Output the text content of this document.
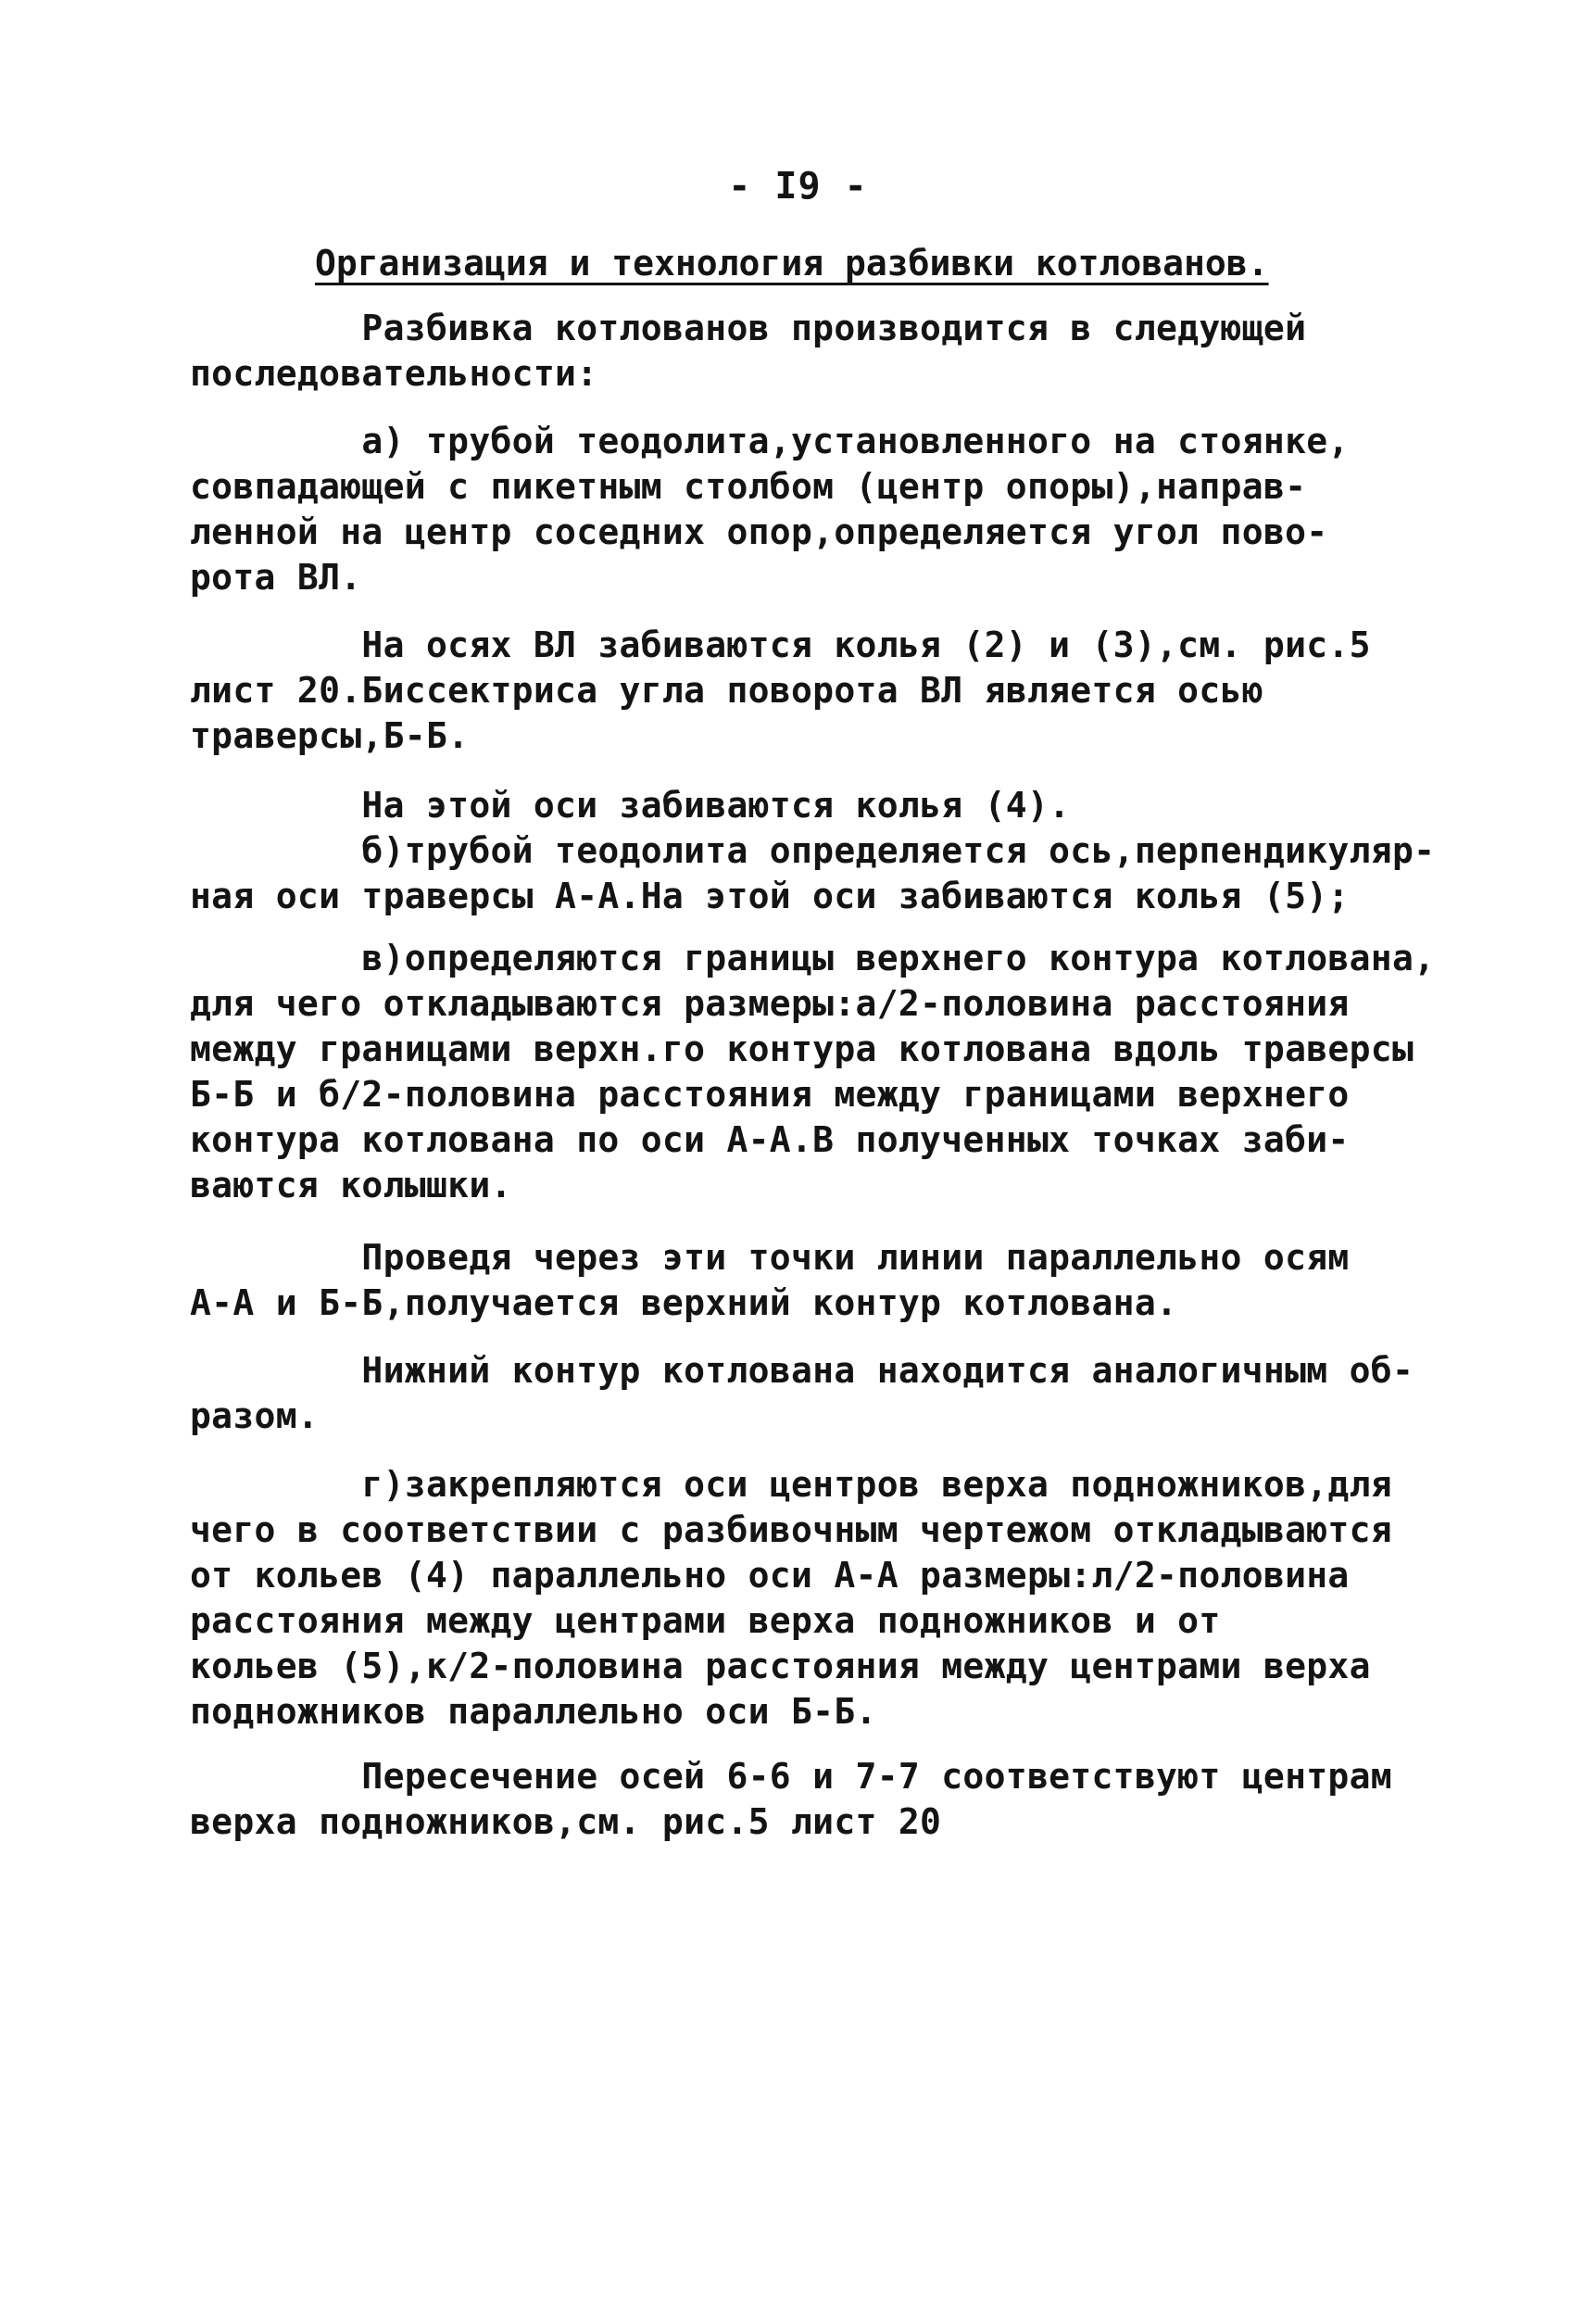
- I9 -
Организация и технология разбивки котлованов.
Разбивка котлованов производится в следующей
последовательности:
а) трубой теодолита,установленного на стоянке,
совпадающей с пикетным столбом (центр опоры),направ-
ленной на центр соседних опор,определяется угол пово-
рота ВЛ.
На осях ВЛ забиваются колья (2) и (3),см. рис.5
лист 20.Биссектриса угла поворота ВЛ является осью
траверсы,Б-Б.
На этой оси забиваются колья (4).
б)трубой теодолита определяется ось,перпендикуляр-
ная оси траверсы А-А.На этой оси забиваются колья (5);
в)определяются границы верхнего контура котлована,
для чего откладываются размеры:а/2-половина расстояния
между границами верхн.го контура котлована вдоль траверсы
Б-Б и б/2-половина расстояния между границами верхнего
контура котлована по оси А-А.В полученных точках заби-
ваются колышки.
Проведя через эти точки линии параллельно осям
А-А и Б-Б,получается верхний контур котлована.
Нижний контур котлована находится аналогичным об-
разом.
г)закрепляются оси центров верха подножников,для
чего в соответствии с разбивочным чертежом откладываются
от кольев (4) параллельно оси А-А размеры:л/2-половина
расстояния между центрами верха подножников и от
кольев (5),к/2-половина расстояния между центрами верха
подножников параллельно оси Б-Б.
Пересечение осей 6-6 и 7-7 соответствуют центрам
верха подножников,см. рис.5 лист 20
